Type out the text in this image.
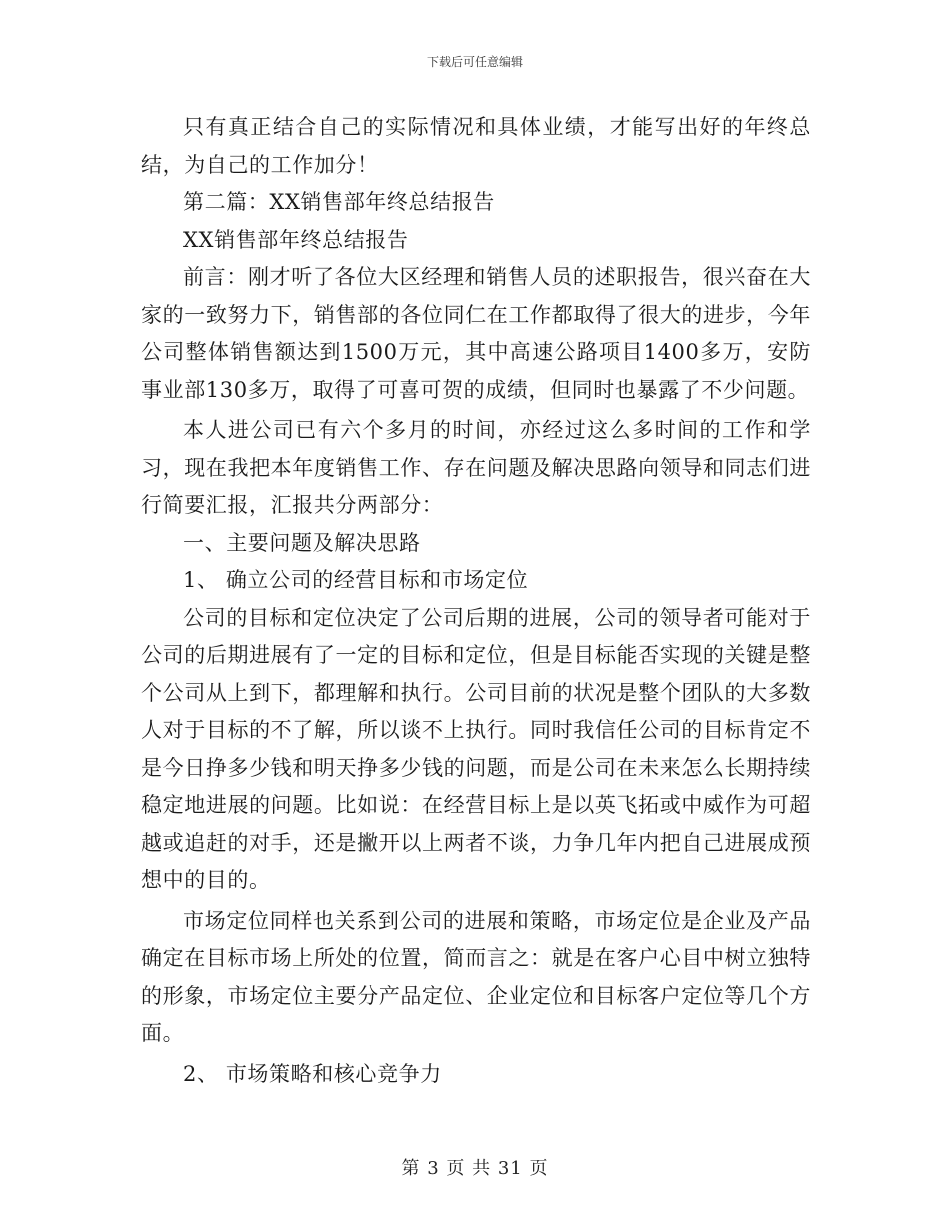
下载后可任意编辑

只有真正结合自己的实际情况和具体业绩，才能写出好的年终总结，为自己的工作加分！

第二篇：XX销售部年终总结报告

XX销售部年终总结报告

前言：刚才听了各位大区经理和销售人员的述职报告，很兴奋在大家的一致努力下，销售部的各位同仁在工作都取得了很大的进步，今年公司整体销售额达到1500万元，其中高速公路项目1400多万，安防事业部130多万，取得了可喜可贺的成绩，但同时也暴露了不少问题。

本人进公司已有六个多月的时间，亦经过这么多时间的工作和学习，现在我把本年度销售工作、存在问题及解决思路向领导和同志们进行简要汇报，汇报共分两部分：

一、主要问题及解决思路

1、 确立公司的经营目标和市场定位

公司的目标和定位决定了公司后期的进展，公司的领导者可能对于公司的后期进展有了一定的目标和定位，但是目标能否实现的关键是整个公司从上到下，都理解和执行。公司目前的状况是整个团队的大多数人对于目标的不了解，所以谈不上执行。同时我信任公司的目标肯定不是今日挣多少钱和明天挣多少钱的问题，而是公司在未来怎么长期持续稳定地进展的问题。比如说：在经营目标上是以英飞拓或中威作为可超越或追赶的对手，还是撇开以上两者不谈，力争几年内把自己进展成预想中的目的。

市场定位同样也关系到公司的进展和策略，市场定位是企业及产品确定在目标市场上所处的位置，简而言之：就是在客户心目中树立独特的形象，市场定位主要分产品定位、企业定位和目标客户定位等几个方面。

2、 市场策略和核心竞争力

第 3 页 共 31 页
